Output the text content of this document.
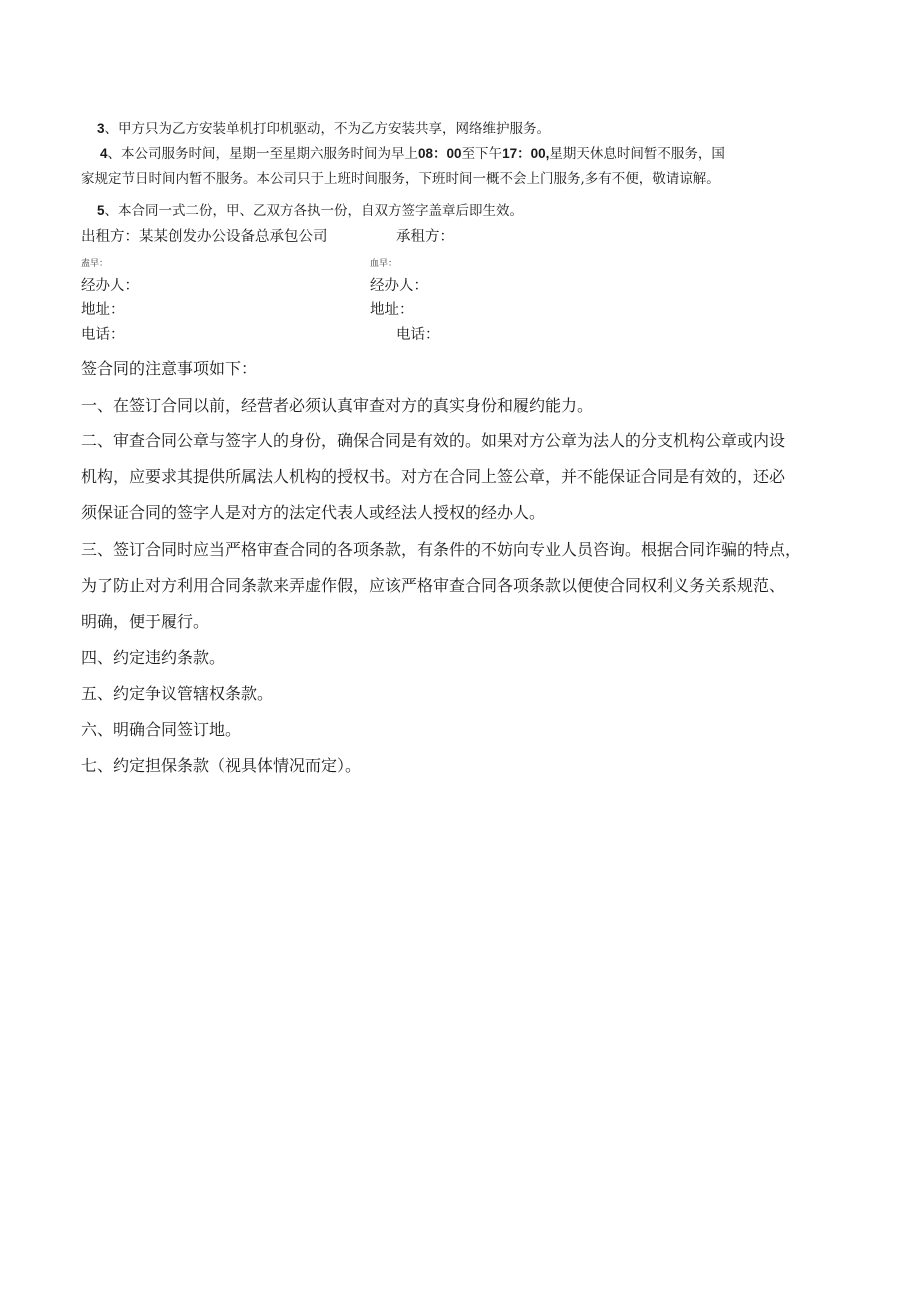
3、甲方只为乙方安装单机打印机驱动，不为乙方安装共享，网络维护服务。
4、本公司服务时间，星期一至星期六服务时间为早上08：00至下午17：00,星期天休息时间暂不服务，国
家规定节日时间内暂不服务。本公司只于上班时间服务，下班时间一概不会上门服务,多有不便，敬请谅解。
5、本合同一式二份，甲、乙双方各执一份，自双方签字盖章后即生效。
出租方：某某创发办公设备总承包公司	承租方：
盍早：	血早：
经办人：	经办人：
地址：	地址：
电话：	电话：
签合同的注意事项如下：
一、在签订合同以前，经营者必须认真审查对方的真实身份和履约能力。
二、审查合同公章与签字人的身份，确保合同是有效的。如果对方公章为法人的分支机构公章或内设
机构，应要求其提供所属法人机构的授权书。对方在合同上签公章，并不能保证合同是有效的，还必
须保证合同的签字人是对方的法定代表人或经法人授权的经办人。
三、签订合同时应当严格审查合同的各项条款，有条件的不妨向专业人员咨询。根据合同诈骗的特点，
为了防止对方利用合同条款来弄虚作假，应该严格审查合同各项条款以便使合同权利义务关系规范、
明确，便于履行。
四、约定违约条款。
五、约定争议管辖权条款。
六、明确合同签订地。
七、约定担保条款（视具体情况而定）。
